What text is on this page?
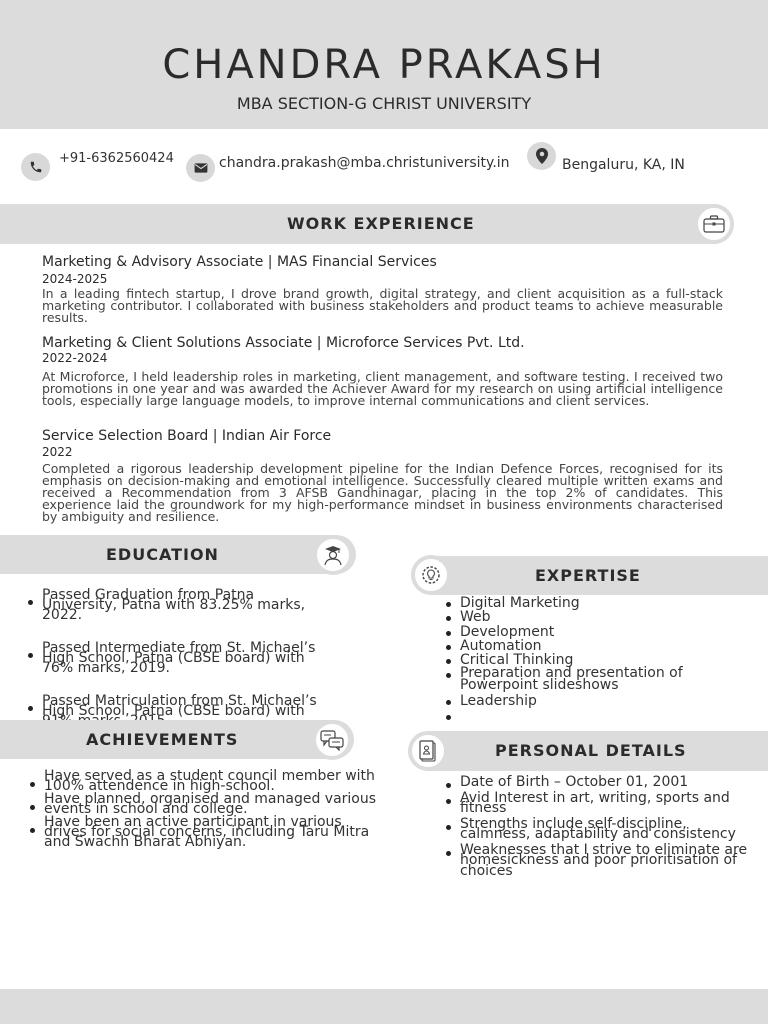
CHANDRA PRAKASH
MBA SECTION-G CHRIST UNIVERSITY
+91-6362560424	chandra.prakash@mba.christuniversity.in	Bengaluru, KA, IN
WORK EXPERIENCE
Marketing & Advisory Associate | MAS Financial Services
2024-2025
In a leading fintech startup, I drove brand growth, digital strategy, and client acquisition as a full-stack marketing contributor. I collaborated with business stakeholders and product teams to achieve measurable results.
Marketing & Client Solutions Associate | Microforce Services Pvt. Ltd.
2022-2024
At Microforce, I held leadership roles in marketing, client management, and software testing. I received two promotions in one year and was awarded the Achiever Award for my research on using artificial intelligence tools, especially large language models, to improve internal communications and client services.
Service Selection Board | Indian Air Force
2022
Completed a rigorous leadership development pipeline for the Indian Defence Forces, recognised for its emphasis on decision-making and emotional intelligence. Successfully cleared multiple written exams and received a Recommendation from 3 AFSB Gandhinagar, placing in the top 2% of candidates. This experience laid the groundwork for my high-performance mindset in business environments characterised by ambiguity and resilience.
EDUCATION
Passed Graduation from Patna University, Patna with 83.25% marks, 2022.
Passed Intermediate from St. Michael’s High School, Patna (CBSE board) with 76% marks, 2019.
Passed Matriculation from St. Michael’s High School, Patna (CBSE board) with
ACHIEVEMENTS
Have served as a student council member with 100% attendence in high-school.
Have planned, organised and managed various events in school and college.
Have been an active participant in various drives for social concerns, including Taru Mitra and Swachh Bharat Abhiyan.
EXPERTISE
Digital Marketing
Web
Development
Automation
Critical Thinking
Preparation and presentation of Powerpoint slideshows
Leadership
PERSONAL DETAILS
Date of Birth – October 01, 2001
Avid Interest in art, writing, sports and fitness
Strengths include self-discipline, calmness, adaptability and consistency
Weaknesses that I strive to eliminate are homesickness and poor prioritisation of choices
